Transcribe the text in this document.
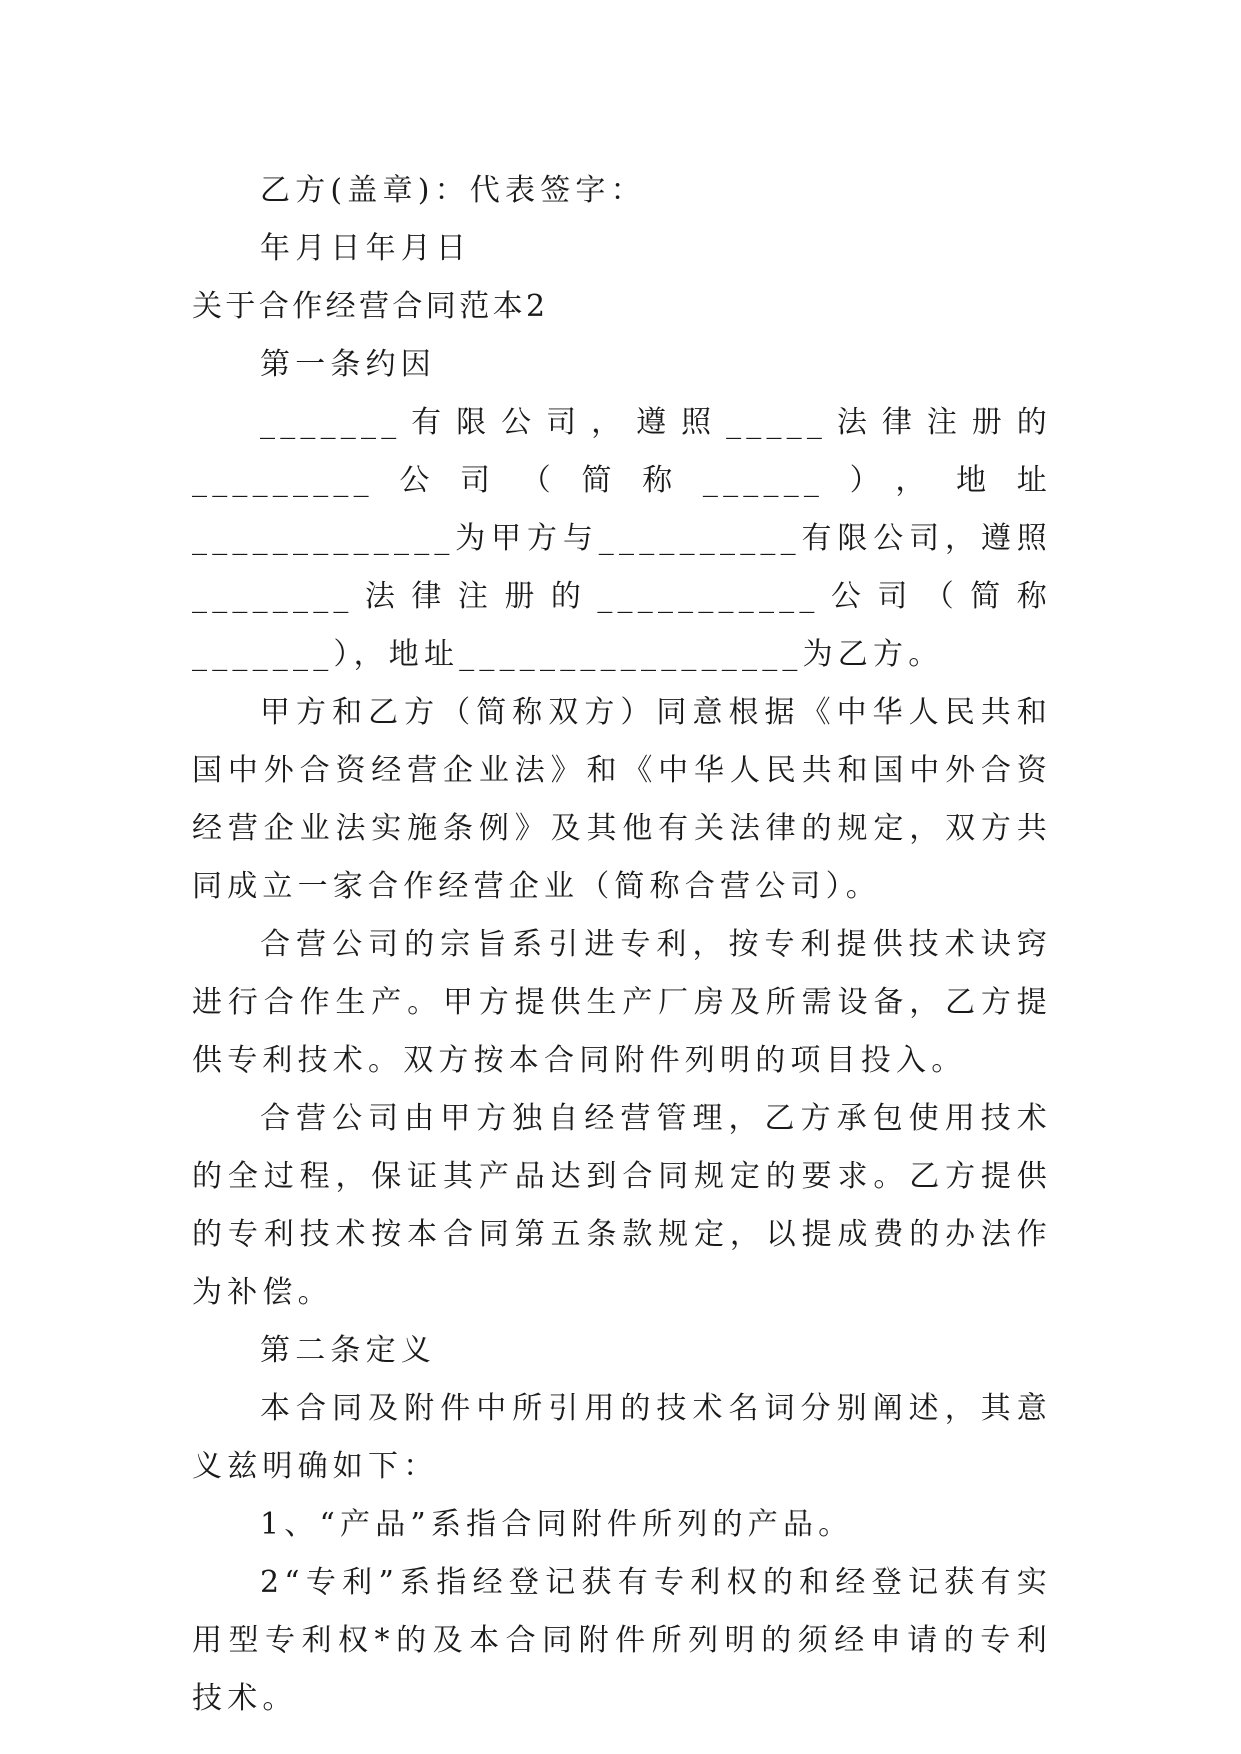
乙方(盖章)：代表签字：
年月日年月日
关于合作经营合同范本2
第一条约因

_______有限公司，遵照_____法律注册的_________公司（简称______），地址_____________为甲方与__________有限公司，遵照________法律注册的___________公司（简称_______），地址_________________为乙方。

甲方和乙方（简称双方）同意根据《中华人民共和国中外合资经营企业法》和《中华人民共和国中外合资经营企业法实施条例》及其他有关法律的规定，双方共同成立一家合作经营企业（简称合营公司）。

合营公司的宗旨系引进专利，按专利提供技术诀窍进行合作生产。甲方提供生产厂房及所需设备，乙方提供专利技术。双方按本合同附件列明的项目投入。

合营公司由甲方独自经营管理，乙方承包使用技术的全过程，保证其产品达到合同规定的要求。乙方提供的专利技术按本合同第五条款规定，以提成费的办法作为补偿。

第二条定义

本合同及附件中所引用的技术名词分别阐述，其意义兹明确如下：

1、“产品”系指合同附件所列的产品。

2“专利”系指经登记获有专利权的和经登记获有实用型专利权*的及本合同附件所列明的须经申请的专利技术。
